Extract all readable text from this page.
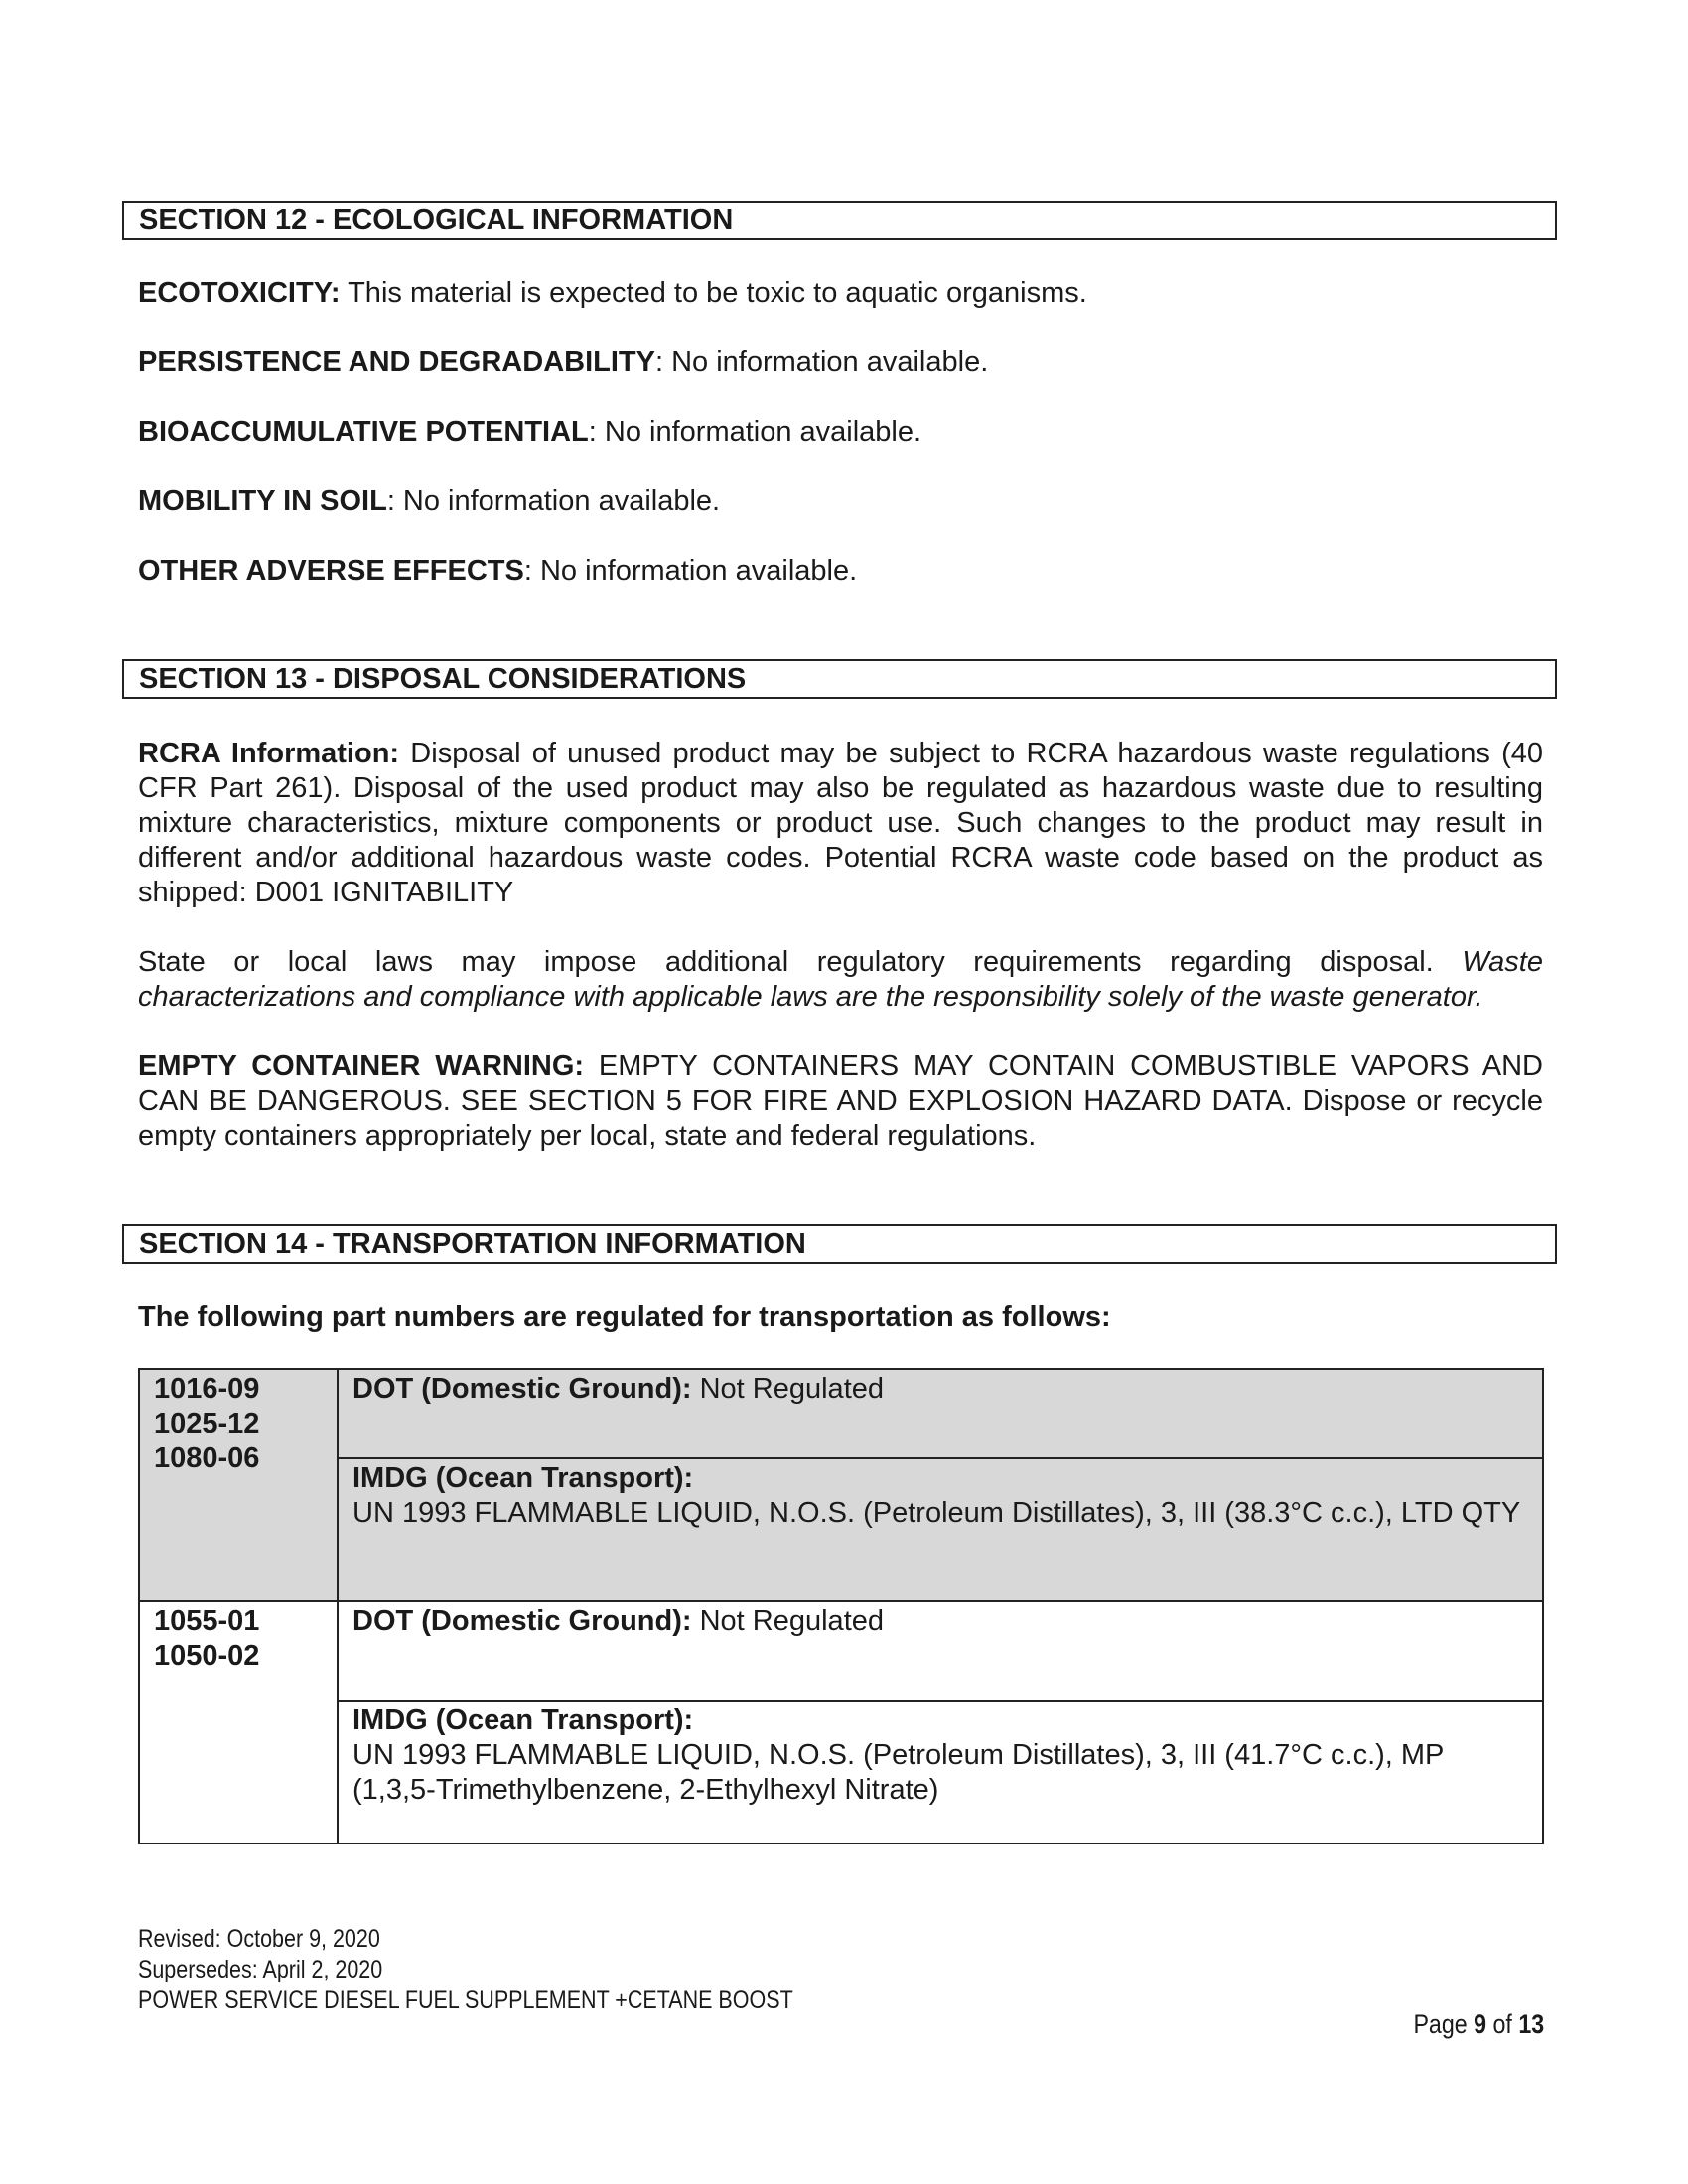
SECTION 12 - ECOLOGICAL INFORMATION

ECOTOXICITY: This material is expected to be toxic to aquatic organisms.

PERSISTENCE AND DEGRADABILITY: No information available.

BIOACCUMULATIVE POTENTIAL: No information available.

MOBILITY IN SOIL: No information available.

OTHER ADVERSE EFFECTS: No information available.

SECTION 13 - DISPOSAL CONSIDERATIONS

RCRA Information: Disposal of unused product may be subject to RCRA hazardous waste regulations (40 CFR Part 261). Disposal of the used product may also be regulated as hazardous waste due to resulting mixture characteristics, mixture components or product use. Such changes to the product may result in different and/or additional hazardous waste codes. Potential RCRA waste code based on the product as shipped: D001 IGNITABILITY

State or local laws may impose additional regulatory requirements regarding disposal. Waste characterizations and compliance with applicable laws are the responsibility solely of the waste generator.

EMPTY CONTAINER WARNING: EMPTY CONTAINERS MAY CONTAIN COMBUSTIBLE VAPORS AND CAN BE DANGEROUS. SEE SECTION 5 FOR FIRE AND EXPLOSION HAZARD DATA. Dispose or recycle empty containers appropriately per local, state and federal regulations.

SECTION 14 - TRANSPORTATION INFORMATION

The following part numbers are regulated for transportation as follows:

1016-09
1025-12
1080-06	DOT (Domestic Ground): Not Regulated

	IMDG (Ocean Transport):
UN 1993 FLAMMABLE LIQUID, N.O.S. (Petroleum Distillates), 3, III (38.3°C c.c.), LTD QTY

1055-01
1050-02	DOT (Domestic Ground): Not Regulated

	IMDG (Ocean Transport):
UN 1993 FLAMMABLE LIQUID, N.O.S. (Petroleum Distillates), 3, III (41.7°C c.c.), MP (1,3,5-Trimethylbenzene, 2-Ethylhexyl Nitrate)
Revised: October 9, 2020
Supersedes: April 2, 2020
POWER SERVICE DIESEL FUEL SUPPLEMENT +CETANE BOOST
Page 9 of 13
